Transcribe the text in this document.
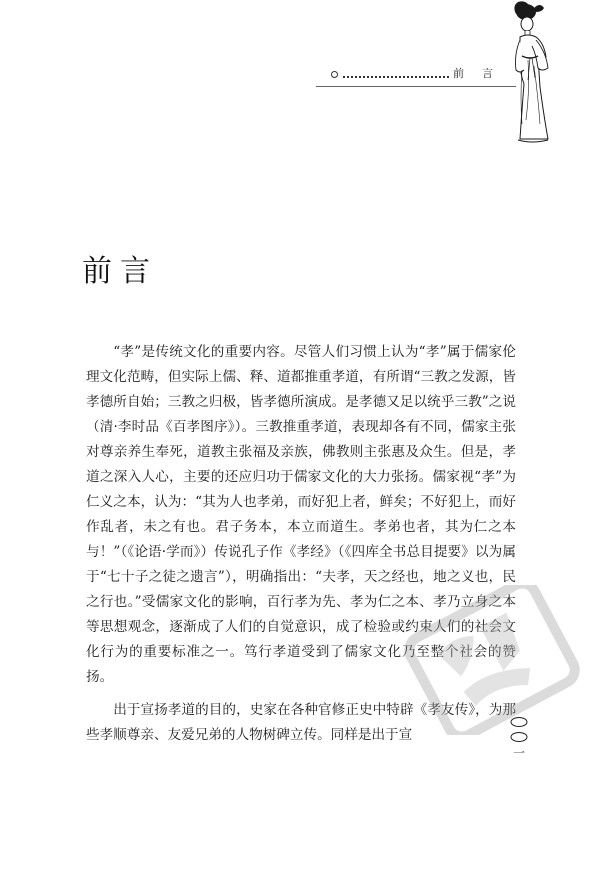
前言
前言

“孝”是传统文化的重要内容。尽管人们习惯上认为“孝”属于儒家伦理文化范畴，但实际上儒、释、道都推重孝道，有所谓“三教之发源，皆孝德所自始；三教之归极，皆孝德所演成。是孝德又足以统乎三教”之说（清·李时品《百孝图序》）。三教推重孝道，表现却各有不同，儒家主张对尊亲养生奉死，道教主张福及亲族，佛教则主张惠及众生。但是，孝道之深入人心，主要的还应归功于儒家文化的大力张扬。儒家视“孝”为仁义之本，认为：“其为人也孝弟，而好犯上者，鲜矣；不好犯上，而好作乱者，未之有也。君子务本，本立而道生。孝弟也者，其为仁之本与！”（《论语·学而》）传说孔子作《孝经》（《四库全书总目提要》以为属于“七十子之徒之遗言”），明确指出：“夫孝，天之经也，地之义也，民之行也。”受儒家文化的影响，百行孝为先、孝为仁之本、孝乃立身之本等思想观念，逐渐成了人们的自觉意识，成了检验或约束人们的社会文化行为的重要标准之一。笃行孝道受到了儒家文化乃至整个社会的赞扬。

出于宣扬孝道的目的，史家在各种官修正史中特辟《孝友传》，为那些孝顺尊亲、友爱兄弟的人物树碑立传。同样是出于宣

一
